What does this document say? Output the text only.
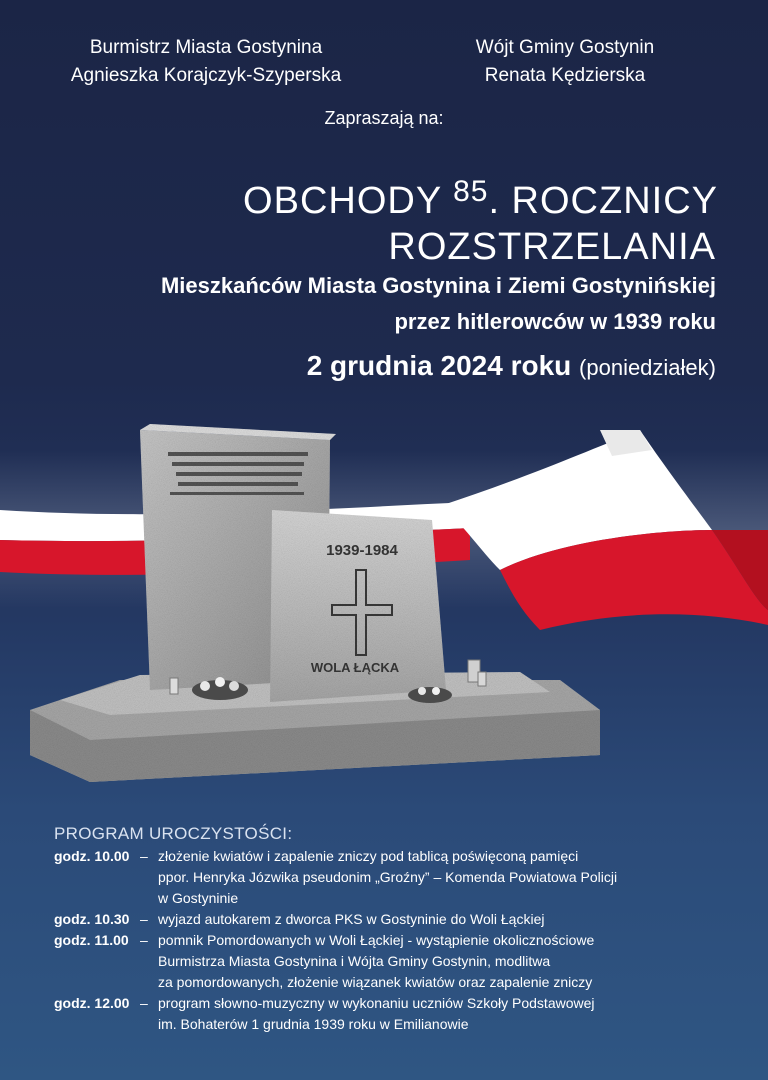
Burmistrz Miasta Gostynina
Agnieszka Korajczyk-Szyperska
Wójt Gminy Gostynin
Renata Kędzierska
Zapraszają na:
OBCHODY $^{85}$. ROCZNICY
ROZSTRZELANIA
Mieszkańców Miasta Gostynina i Ziemi Gostynińskiej
przez hitlerowców w 1939 roku
2 grudnia 2024 roku (poniedziałek)
1939-1984
WOLA ŁĄCKA
PROGRAM UROCZYSTOŚCI:
godz. 10.00 – złożenie kwiatów i zapalenie zniczy pod tablicą poświęconą pamięci
ppor. Henryka Józwika pseudonim „Groźny” – Komenda Powiatowa Policji
w Gostyninie
godz. 10.30 – wyjazd autokarem z dworca PKS w Gostyninie do Woli Łąckiej
godz. 11.00 – pomnik Pomordowanych w Woli Łąckiej - wystąpienie okolicznościowe
Burmistrza Miasta Gostynina i Wójta Gminy Gostynin, modlitwa
za pomordowanych, złożenie wiązanek kwiatów oraz zapalenie zniczy
godz. 12.00 – program słowno-muzyczny w wykonaniu uczniów Szkoły Podstawowej
im. Bohaterów 1 grudnia 1939 roku w Emilianowie
